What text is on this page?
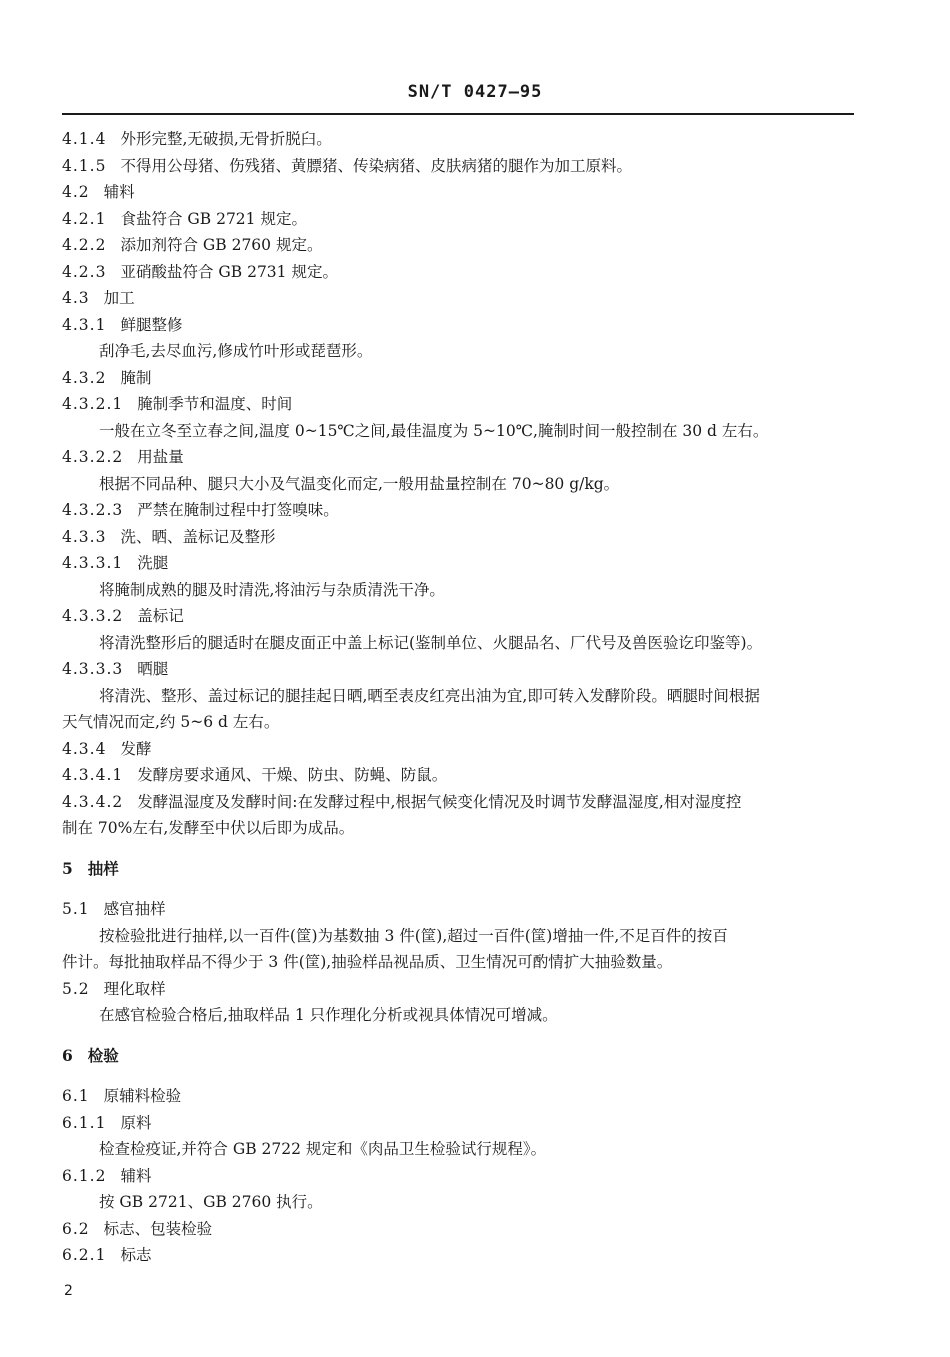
SN/T 0427—95
4.1.4 外形完整,无破损,无骨折脱臼。
4.1.5 不得用公母猪、伤残猪、黄膘猪、传染病猪、皮肤病猪的腿作为加工原料。
4.2 辅料
4.2.1 食盐符合 GB 2721 规定。
4.2.2 添加剂符合 GB 2760 规定。
4.2.3 亚硝酸盐符合 GB 2731 规定。
4.3 加工
4.3.1 鲜腿整修
刮净毛,去尽血污,修成竹叶形或琵琶形。
4.3.2 腌制
4.3.2.1 腌制季节和温度、时间
一般在立冬至立春之间,温度 0~15℃之间,最佳温度为 5~10℃,腌制时间一般控制在 30 d 左右。
4.3.2.2 用盐量
根据不同品种、腿只大小及气温变化而定,一般用盐量控制在 70~80 g/kg。
4.3.2.3 严禁在腌制过程中打签嗅味。
4.3.3 洗、晒、盖标记及整形
4.3.3.1 洗腿
将腌制成熟的腿及时清洗,将油污与杂质清洗干净。
4.3.3.2 盖标记
将清洗整形后的腿适时在腿皮面正中盖上标记(鉴制单位、火腿品名、厂代号及兽医验讫印鉴等)。
4.3.3.3 晒腿
将清洗、整形、盖过标记的腿挂起日晒,晒至表皮红亮出油为宜,即可转入发酵阶段。晒腿时间根据
天气情况而定,约 5~6 d 左右。
4.3.4 发酵
4.3.4.1 发酵房要求通风、干燥、防虫、防蝇、防鼠。
4.3.4.2 发酵温湿度及发酵时间:在发酵过程中,根据气候变化情况及时调节发酵温湿度,相对湿度控
制在 70%左右,发酵至中伏以后即为成品。
5 抽样
5.1 感官抽样
按检验批进行抽样,以一百件(筐)为基数抽 3 件(筐),超过一百件(筐)增抽一件,不足百件的按百
件计。每批抽取样品不得少于 3 件(筐),抽验样品视品质、卫生情况可酌情扩大抽验数量。
5.2 理化取样
在感官检验合格后,抽取样品 1 只作理化分析或视具体情况可增减。
6 检验
6.1 原辅料检验
6.1.1 原料
检查检疫证,并符合 GB 2722 规定和《肉品卫生检验试行规程》。
6.1.2 辅料
按 GB 2721、GB 2760 执行。
6.2 标志、包装检验
6.2.1 标志
2
